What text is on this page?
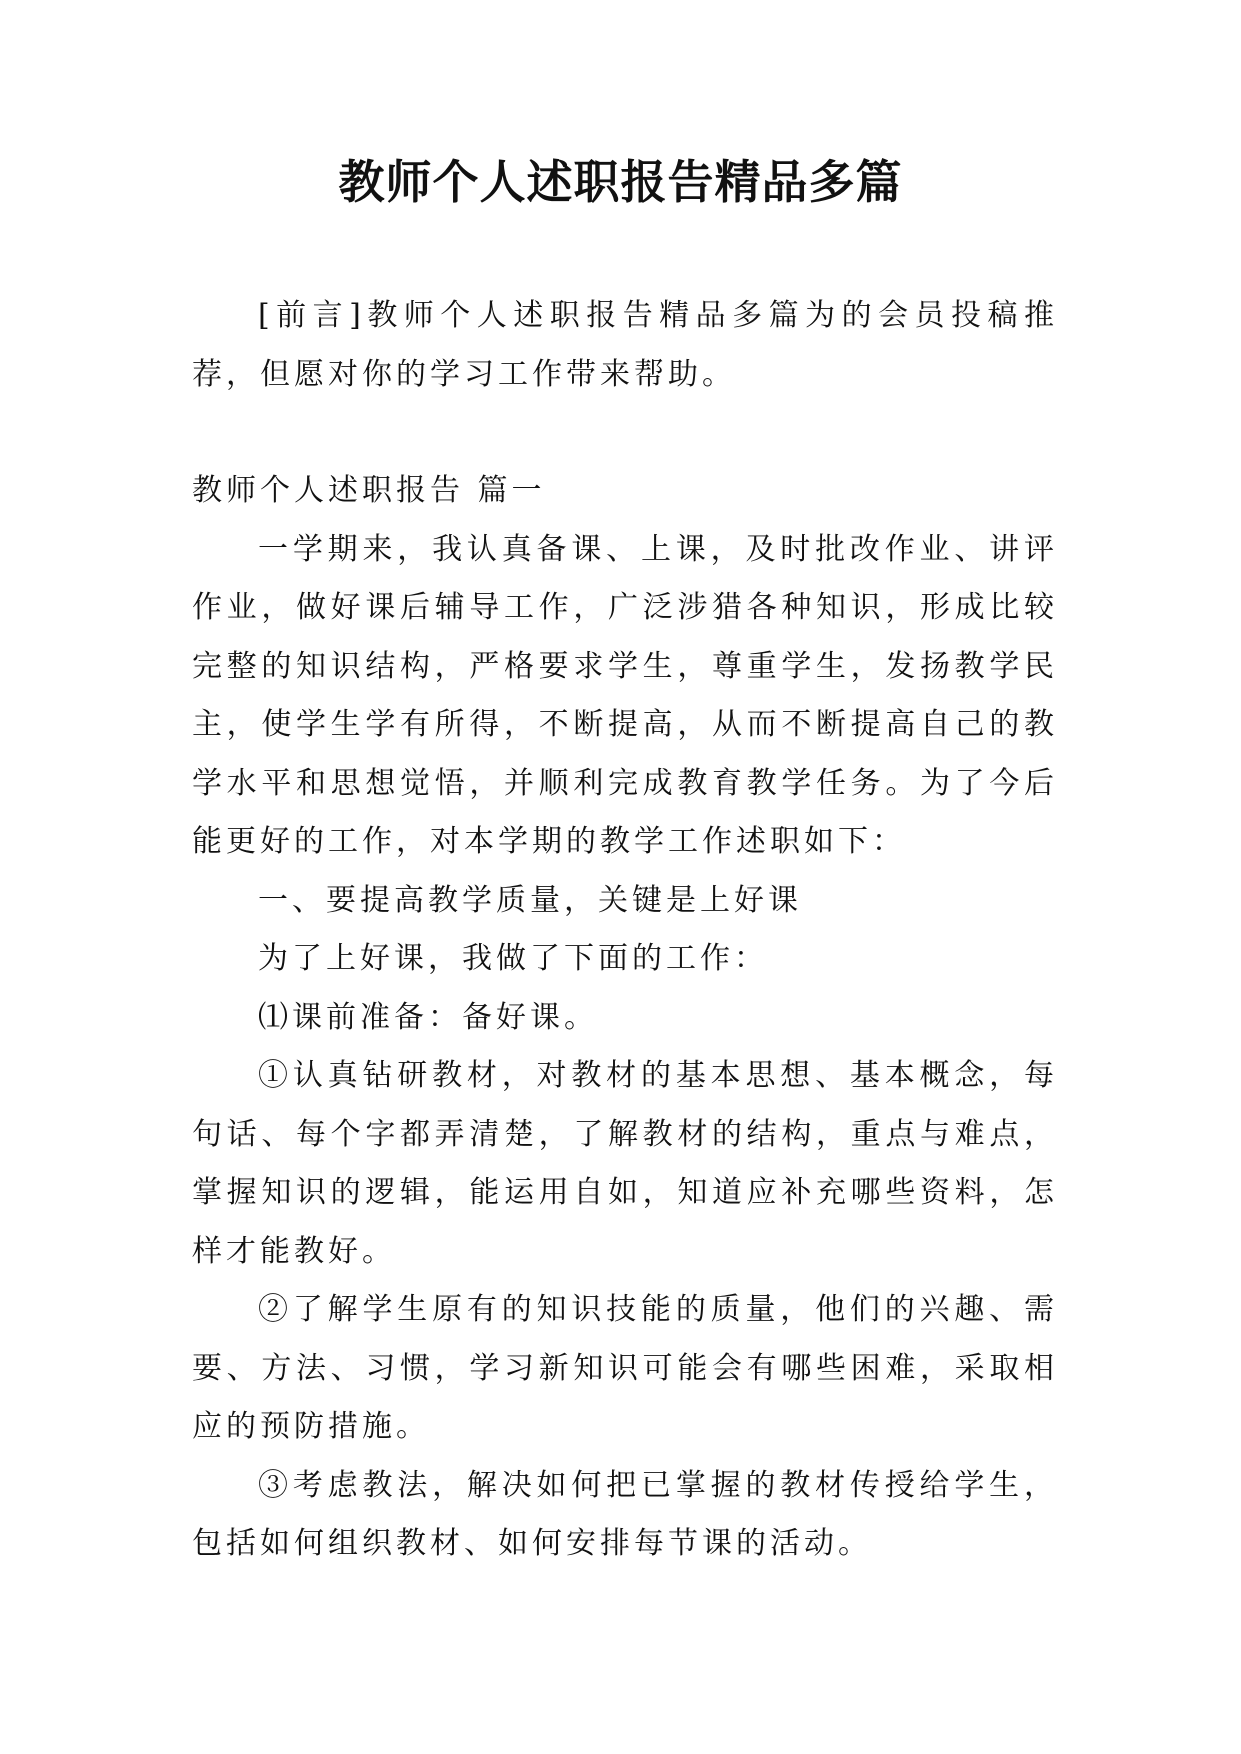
教师个人述职报告精品多篇

[前言]教师个人述职报告精品多篇为的会员投稿推荐，但愿对你的学习工作带来帮助。

教师个人述职报告 篇一

一学期来，我认真备课、上课，及时批改作业、讲评作业，做好课后辅导工作，广泛涉猎各种知识，形成比较完整的知识结构，严格要求学生，尊重学生，发扬教学民主，使学生学有所得，不断提高，从而不断提高自己的教学水平和思想觉悟，并顺利完成教育教学任务。为了今后能更好的工作，对本学期的教学工作述职如下：

一、要提高教学质量，关键是上好课

为了上好课，我做了下面的工作：

⑴课前准备：备好课。

①认真钻研教材，对教材的基本思想、基本概念，每句话、每个字都弄清楚，了解教材的结构，重点与难点，掌握知识的逻辑，能运用自如，知道应补充哪些资料，怎样才能教好。

②了解学生原有的知识技能的质量，他们的兴趣、需要、方法、习惯，学习新知识可能会有哪些困难，采取相应的预防措施。

③考虑教法，解决如何把已掌握的教材传授给学生，包括如何组织教材、如何安排每节课的活动。
